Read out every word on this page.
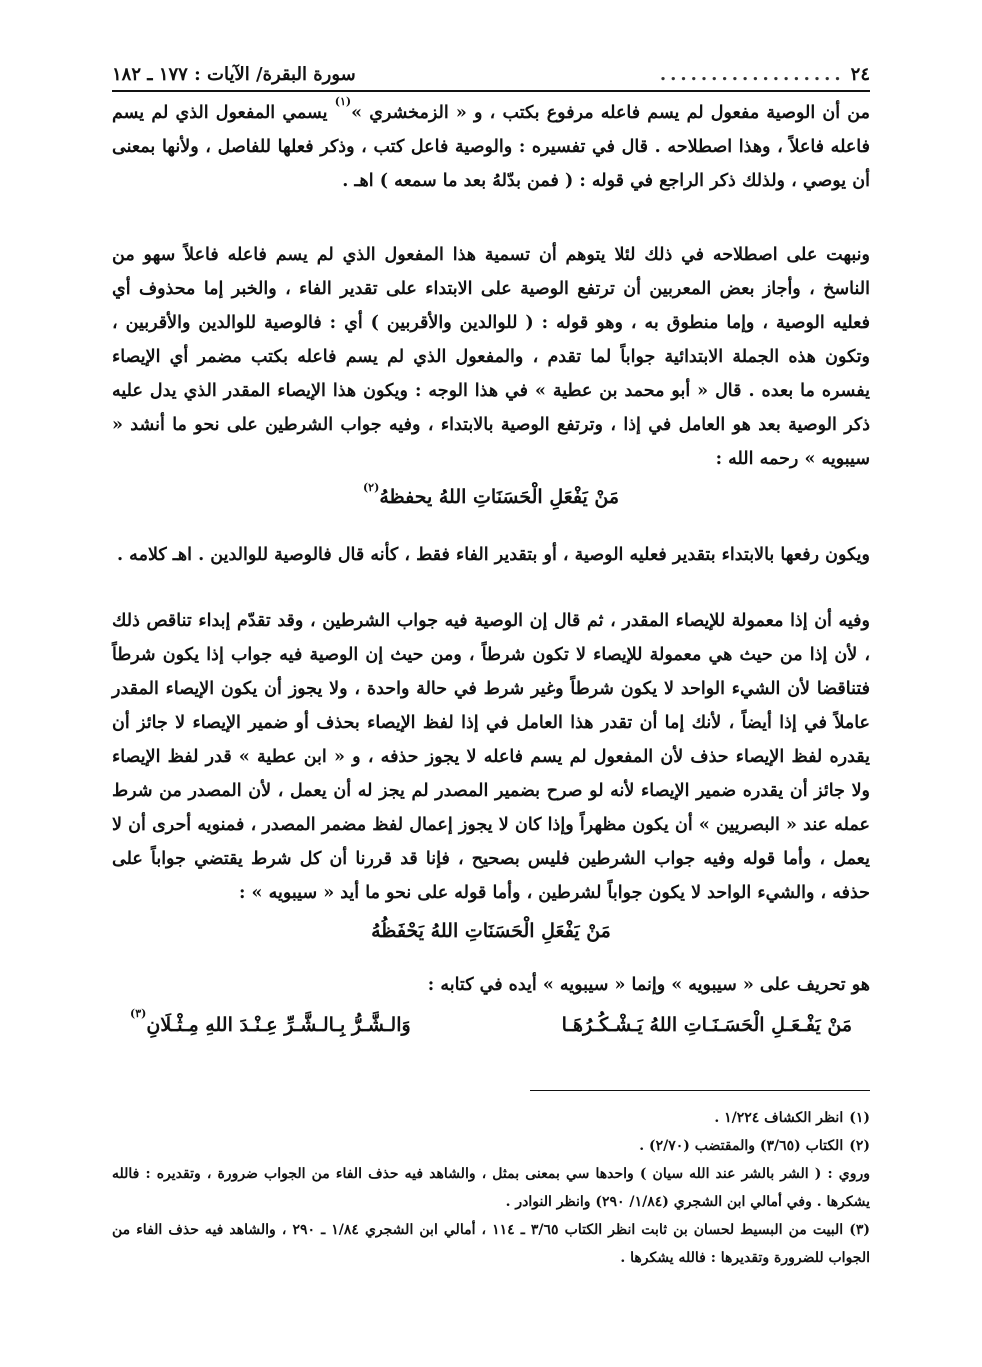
٢٤
..................
سورة البقرة/ الآيات : ١٧٧ ـ ١٨٢

من أن الوصية مفعول لم يسم فاعله مرفوع بكتب ، و « الزمخشري »$^{(١)}$ يسمي المفعول الذي لم يسم فاعله فاعلاً ، وهذا اصطلاحه . قال في تفسيره : والوصية فاعل كتب ، وذكر فعلها للفاصل ، ولأنها بمعنى أن يوصي ، ولذلك ذكر الراجع في قوله : ( فمن بدّلهُ بعد ما سمعه ) اهـ .

ونبهت على اصطلاحه في ذلك لئلا يتوهم أن تسمية هذا المفعول الذي لم يسم فاعله فاعلاً سهو من الناسخ ، وأجاز بعض المعربين أن ترتفع الوصية على الابتداء على تقدير الفاء ، والخبر إما محذوف أي فعليه الوصية ، وإما منطوق به ، وهو قوله : ( للوالدين والأقربين ) أي : فالوصية للوالدين والأقربين ، وتكون هذه الجملة الابتدائية جواباً لما تقدم ، والمفعول الذي لم يسم فاعله بكتب مضمر أي الإيصاء يفسره ما بعده . قال « أبو محمد بن عطية » في هذا الوجه : ويكون هذا الإيصاء المقدر الذي يدل عليه ذكر الوصية بعد هو العامل في إذا ، وترتفع الوصية بالابتداء ، وفيه جواب الشرطين على نحو ما أنشد « سيبويه » رحمه الله :

مَنْ يَفْعَلِ الْحَسَنَاتِ اللهُ يحفظهُ$^{(٢)}$

ويكون رفعها بالابتداء بتقدير فعليه الوصية ، أو بتقدير الفاء فقط ، كأنه قال فالوصية للوالدين . اهـ كلامه .

وفيه أن إذا معمولة للإيصاء المقدر ، ثم قال إن الوصية فيه جواب الشرطين ، وقد تقدّم إبداء تناقص ذلك ، لأن إذا من حيث هي معمولة للإيصاء لا تكون شرطاً ، ومن حيث إن الوصية فيه جواب إذا يكون شرطاً فتناقضا لأن الشيء الواحد لا يكون شرطاً وغير شرط في حالة واحدة ، ولا يجوز أن يكون الإيصاء المقدر عاملاً في إذا أيضاً ، لأنك إما أن تقدر هذا العامل في إذا لفظ الإيصاء بحذف أو ضمير الإيصاء لا جائز أن يقدره لفظ الإيصاء حذف لأن المفعول لم يسم فاعله لا يجوز حذفه ، و « ابن عطية » قدر لفظ الإيصاء ولا جائز أن يقدره ضمير الإيصاء لأنه لو صرح بضمير المصدر لم يجز له أن يعمل ، لأن المصدر من شرط عمله عند « البصريين » أن يكون مظهراً وإذا كان لا يجوز إعمال لفظ مضمر المصدر ، فمنويه أحرى أن لا يعمل ، وأما قوله وفيه جواب الشرطين فليس بصحيح ، فإنا قد قررنا أن كل شرط يقتضي جواباً على حذفه ، والشيء الواحد لا يكون جواباً لشرطين ، وأما قوله على نحو ما أيد « سيبويه » :

مَنْ يَفْعَلِ الْحَسَنَاتِ اللهُ يَحْفَظُهُ

هو تحريف على « سيبويه » وإنما « سيبويه » أيده في كتابه :

مَنْ يَفْـعَـلِ الْحَسَـنَـاتِ اللهُ يَـشْـكُـرُهَـا
وَالـشَّـرُّ بِـالـشَّـرِّ عِـنْـدَ اللهِ مِـثْـلَانِ$^{(٣)}$

(١)انظر الكشاف ١/٢٢٤ .

(٢)الكتاب (٣/٦٥) والمقتضب (٢/٧٠) .

وروي : ( الشر بالشر عند الله سيان ) واحدها سي بمعنى بمثل ، والشاهد فيه حذف الفاء من الجواب ضرورة ، وتقديره : فالله يشكرها . وفي أمالي ابن الشجري (١/٨٤/ ٢٩٠) وانظر النوادر .

(٣)البيت من البسيط لحسان بن ثابت انظر الكتاب ٣/٦٥ ـ ١١٤ ، أمالي ابن الشجري ١/٨٤ ـ ٢٩٠ ، والشاهد فيه حذف الفاء من الجواب للضرورة وتقديرها : فالله يشكرها .
